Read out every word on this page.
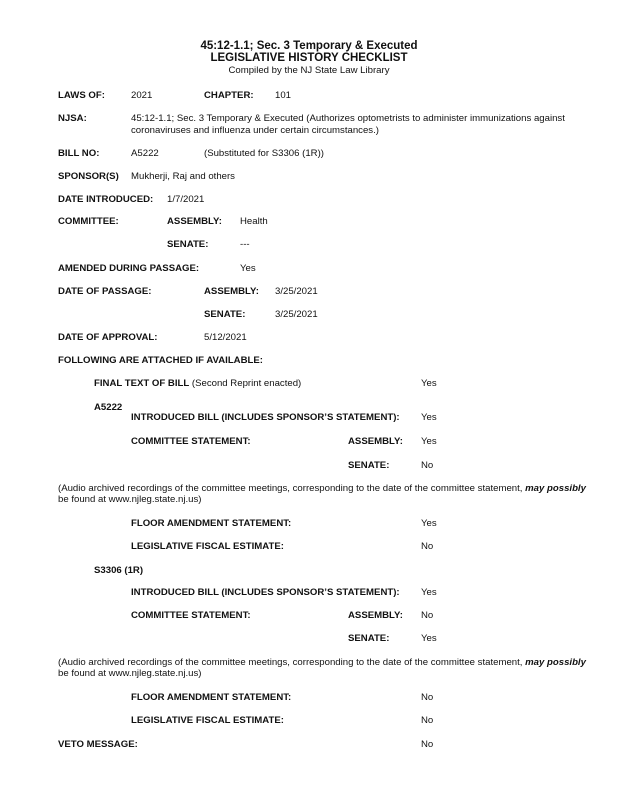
45:12-1.1; Sec. 3 Temporary & Executed
LEGISLATIVE HISTORY CHECKLIST
Compiled by the NJ State Law Library
LAWS OF:	2021	CHAPTER: 101
NJSA:	45:12-1.1; Sec. 3 Temporary & Executed (Authorizes optometrists to administer immunizations against
coronaviruses and influenza under certain circumstances.)
BILL NO:	A5222	(Substituted for S3306 (1R))
SPONSOR(S) Mukherji, Raj and others
DATE INTRODUCED: 1/7/2021
COMMITTEE:	ASSEMBLY: Health
SENATE:	---
AMENDED DURING PASSAGE:	Yes
DATE OF PASSAGE:	ASSEMBLY: 3/25/2021
SENATE:	3/25/2021
DATE OF APPROVAL:	5/12/2021
FOLLOWING ARE ATTACHED IF AVAILABLE:
FINAL TEXT OF BILL (Second Reprint enacted)	Yes
A5222
INTRODUCED BILL (INCLUDES SPONSOR’S STATEMENT): Yes
COMMITTEE STATEMENT:	ASSEMBLY: Yes
SENATE:	No
(Audio archived recordings of the committee meetings, corresponding to the date of the committee statement, may possibly
be found at www.njleg.state.nj.us)
FLOOR AMENDMENT STATEMENT:	Yes
LEGISLATIVE FISCAL ESTIMATE:	No
S3306 (1R)
INTRODUCED BILL (INCLUDES SPONSOR’S STATEMENT): Yes
COMMITTEE STATEMENT:	ASSEMBLY: No
SENATE:	Yes
(Audio archived recordings of the committee meetings, corresponding to the date of the committee statement, may possibly
be found at www.njleg.state.nj.us)
FLOOR AMENDMENT STATEMENT:	No
LEGISLATIVE FISCAL ESTIMATE:	No
VETO MESSAGE:	No
